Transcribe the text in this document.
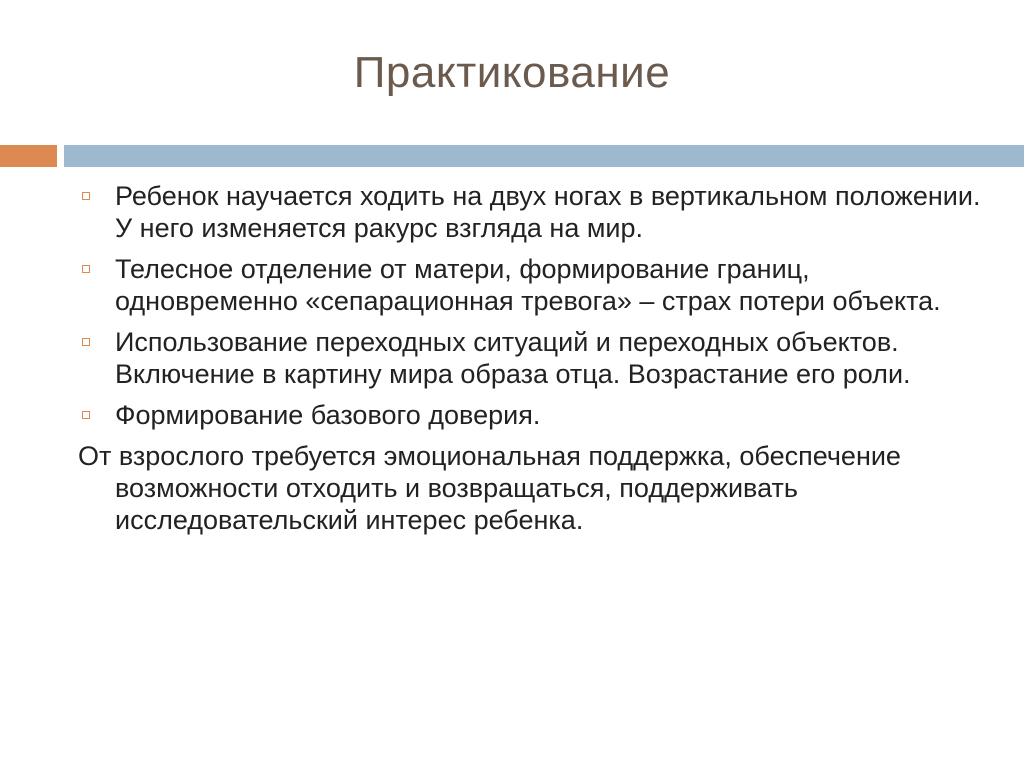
Практикование
Ребенок научается ходить на двух ногах в вертикальном положении. У него изменяется ракурс взгляда на мир.
Телесное отделение от матери, формирование границ, одновременно «сепарационная тревога» – страх потери объекта.
Использование переходных ситуаций и переходных объектов. Включение в картину мира образа отца. Возрастание его роли.
Формирование базового доверия.
От взрослого требуется эмоциональная поддержка, обеспечение возможности отходить и возвращаться, поддерживать исследовательский интерес ребенка.
